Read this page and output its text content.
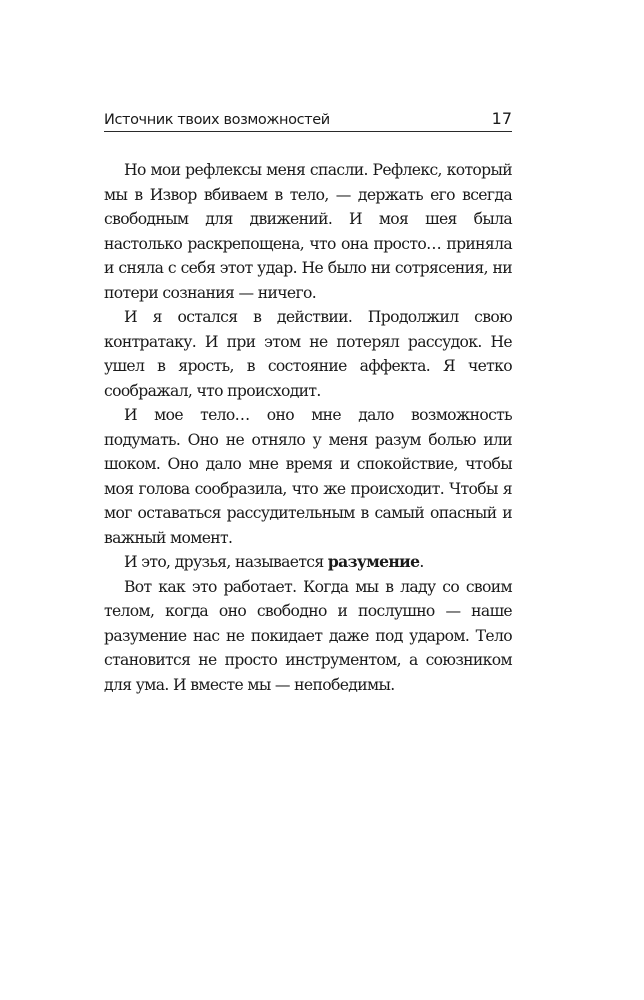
Источник твоих возможностей	17

Но мои рефлексы меня спасли. Рефлекс, который мы в Извор вбиваем в тело, — держать его всегда свободным для движений. И моя шея была настолько раскрепощена, что она просто… приняла и сняла с себя этот удар. Не было ни сотрясения, ни потери сознания — ничего.

И я остался в действии. Продолжил свою контратаку. И при этом не потерял рассудок. Не ушел в ярость, в состояние аффекта. Я четко соображал, что происходит.

И мое тело… оно мне дало возможность подумать. Оно не отняло у меня разум болью или шоком. Оно дало мне время и спокойствие, чтобы моя голова сообразила, что же происходит. Чтобы я мог оставаться рассудительным в самый опасный и важный момент.

И это, друзья, называется разумение.

Вот как это работает. Когда мы в ладу со своим телом, когда оно свободно и послушно — наше разумение нас не покидает даже под ударом. Тело становится не просто инструментом, а союзником для ума. И вместе мы — непобедимы.
